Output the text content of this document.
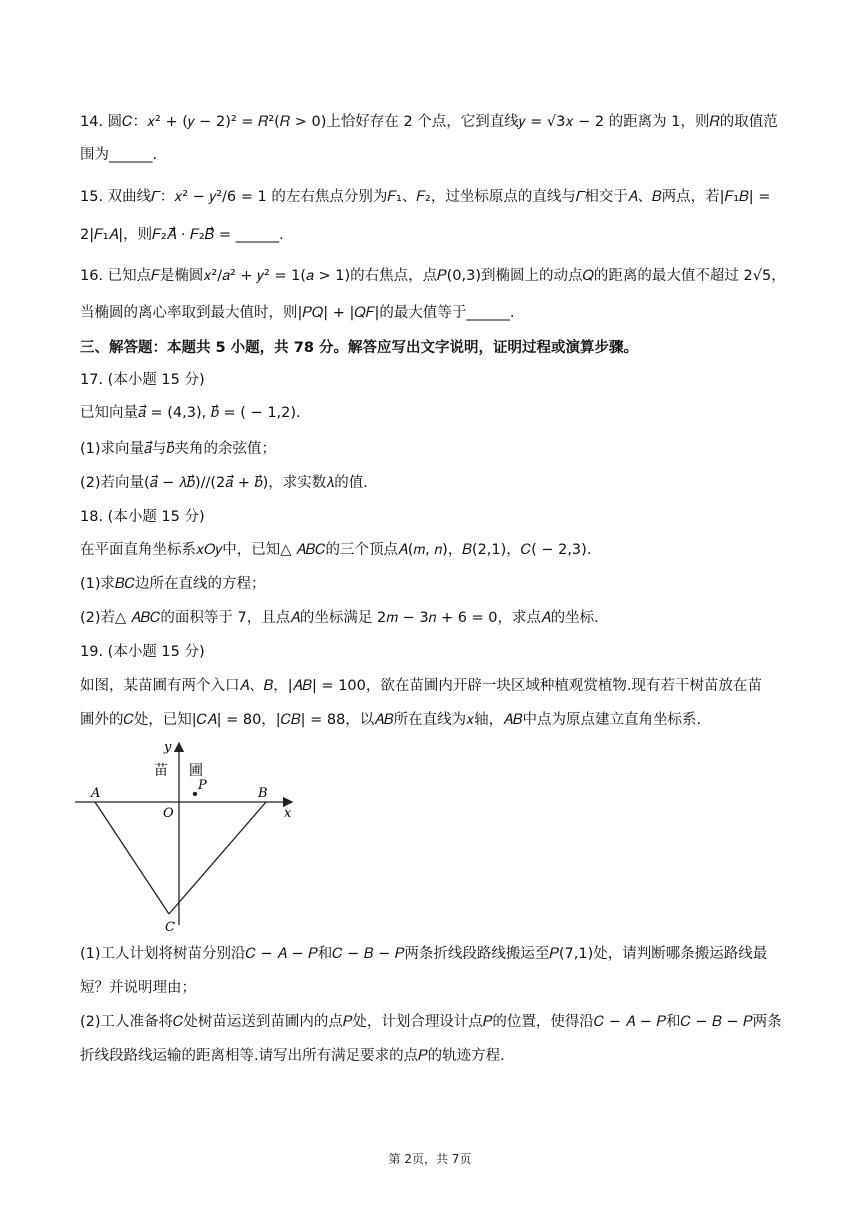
14. 圆𝐶：𝑥² + (𝑦 − 2)² = 𝑅²(𝑅 > 0)上恰好存在 2 个点，它到直线𝑦 = √3𝑥 − 2 的距离为 1，则𝑅的取值范
围为______.
15. 双曲线𝛤：𝑥² − 𝑦²/6 = 1 的左右焦点分别为𝐹₁、𝐹₂，过坐标原点的直线与𝛤相交于𝐴、𝐵两点，若|𝐹₁𝐵| =
2|𝐹₁𝐴|，则𝐹₂𝐴⃗ · 𝐹₂𝐵⃗ = ______.
16. 已知点𝐹是椭圆𝑥²/𝑎² + 𝑦² = 1(𝑎 > 1)的右焦点，点𝑃(0,3)到椭圆上的动点𝑄的距离的最大值不超过 2√5，
当椭圆的离心率取到最大值时，则|𝑃𝑄| + |𝑄𝐹|的最大值等于______.
三、解答题：本题共 5 小题，共 78 分。解答应写出文字说明，证明过程或演算步骤。
17. (本小题 15 分)
已知向量𝑎⃗ = (4,3), 𝑏⃗ = ( − 1,2).
(1)求向量𝑎⃗与𝑏⃗夹角的余弦值；
(2)若向量(𝑎⃗ − 𝜆𝑏⃗)//(2𝑎⃗ + 𝑏⃗)，求实数𝜆的值.
18. (本小题 15 分)
在平面直角坐标系𝑥𝑂𝑦中，已知△ 𝐴𝐵𝐶的三个顶点𝐴(𝑚, 𝑛)，𝐵(2,1)，𝐶( − 2,3).
(1)求𝐵𝐶边所在直线的方程；
(2)若△ 𝐴𝐵𝐶的面积等于 7，且点𝐴的坐标满足 2𝑚 − 3𝑛 + 6 = 0，求点𝐴的坐标.
19. (本小题 15 分)
如图，某苗圃有两个入口𝐴、𝐵，|𝐴𝐵| = 100，欲在苗圃内开辟一块区域种植观赏植物.现有若干树苗放在苗
圃外的𝐶处，已知|𝐶𝐴| = 80，|𝐶𝐵| = 88，以𝐴𝐵所在直线为𝑥轴，𝐴𝐵中点为原点建立直角坐标系.
y
x
O
A	B
C
P
苗 圃
(1)工人计划将树苗分别沿𝐶 − 𝐴 − 𝑃和𝐶 − 𝐵 − 𝑃两条折线段路线搬运至𝑃(7,1)处，请判断哪条搬运路线最
短？并说明理由；
(2)工人准备将𝐶处树苗运送到苗圃内的点𝑃处，计划合理设计点𝑃的位置，使得沿𝐶 − 𝐴 − 𝑃和𝐶 − 𝐵 − 𝑃两条
折线段路线运输的距离相等.请写出所有满足要求的点𝑃的轨迹方程.
第 2页，共 7页
